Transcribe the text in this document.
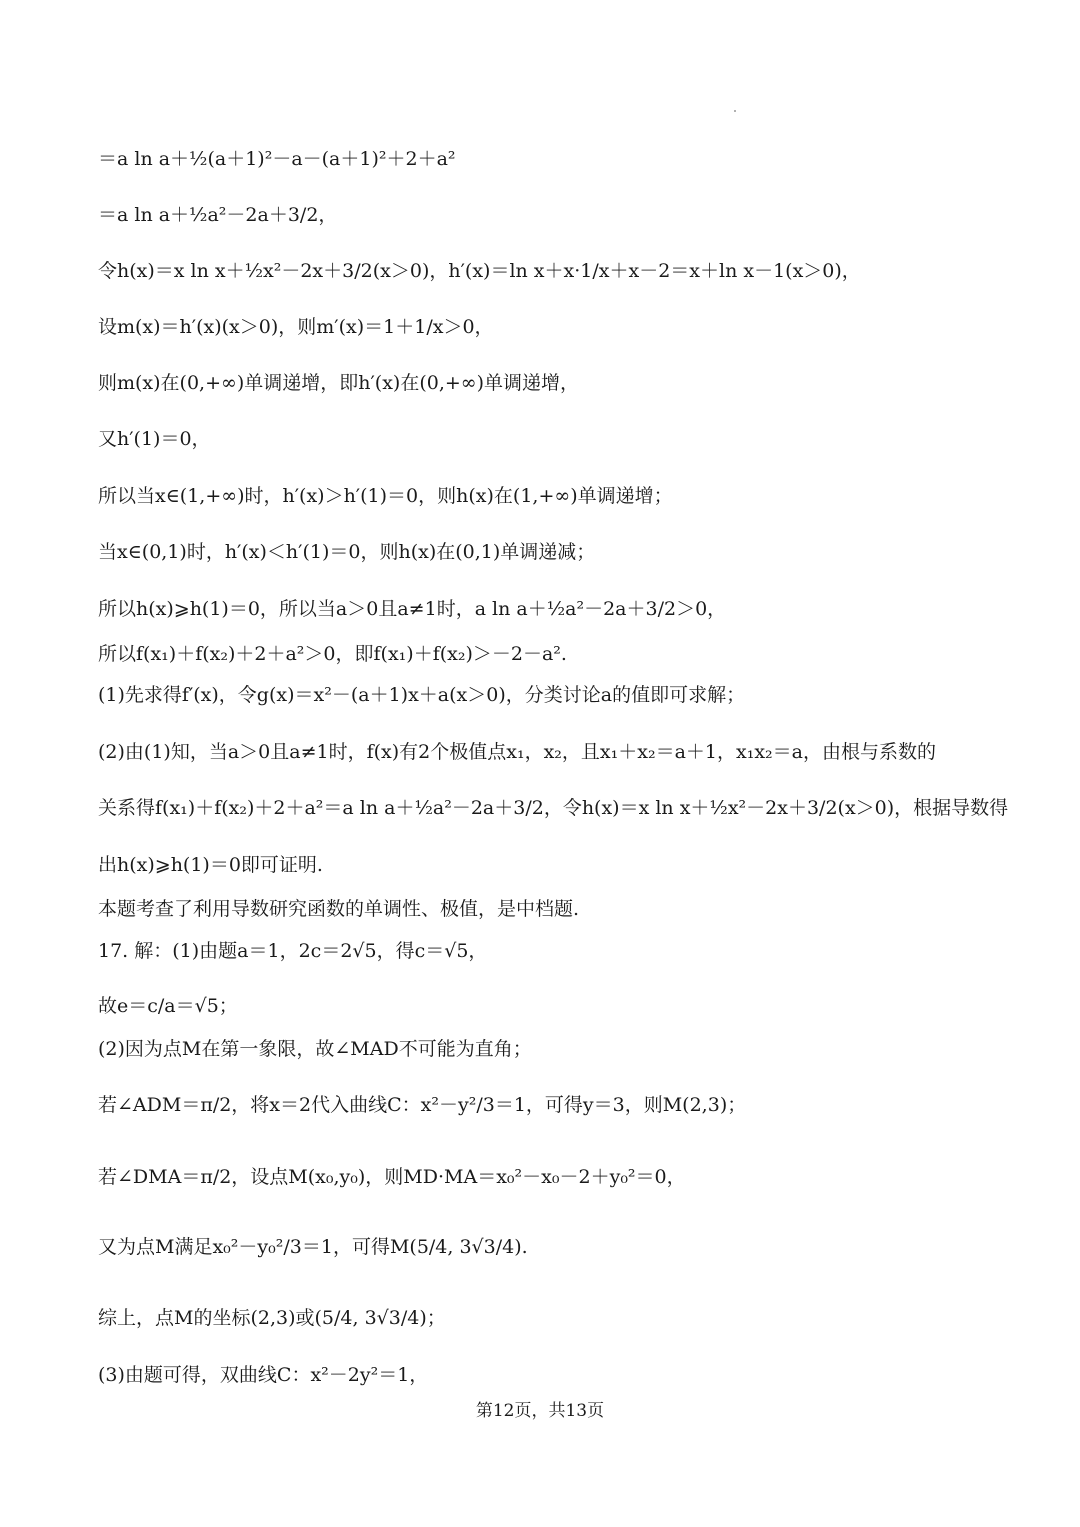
＝a ln a＋½(a＋1)²－a－(a＋1)²＋2＋a²
＝a ln a＋½a²－2a＋3/2，
令h(x)＝x ln x＋½x²－2x＋3/2(x＞0)，h′(x)＝ln x＋x·1/x＋x－2＝x＋ln x－1(x＞0)，
设m(x)＝h′(x)(x＞0)，则m′(x)＝1＋1/x＞0，
则m(x)在(0,+∞)单调递增，即h′(x)在(0,+∞)单调递增，
又h′(1)＝0，
所以当x∈(1,+∞)时，h′(x)＞h′(1)＝0，则h(x)在(1,+∞)单调递增；
当x∈(0,1)时，h′(x)＜h′(1)＝0，则h(x)在(0,1)单调递减；
所以h(x)⩾h(1)＝0，所以当a＞0且a≠1时，a ln a＋½a²－2a＋3/2＞0，
所以f(x₁)＋f(x₂)＋2＋a²＞0，即f(x₁)＋f(x₂)＞－2－a².
(1)先求得f′(x)，令g(x)＝x²－(a＋1)x＋a(x＞0)，分类讨论a的值即可求解；
(2)由(1)知，当a＞0且a≠1时，f(x)有2个极值点x₁，x₂，且x₁＋x₂＝a＋1，x₁x₂＝a，由根与系数的
关系得f(x₁)＋f(x₂)＋2＋a²＝a ln a＋½a²－2a＋3/2，令h(x)＝x ln x＋½x²－2x＋3/2(x＞0)，根据导数得
出h(x)⩾h(1)＝0即可证明.
本题考查了利用导数研究函数的单调性、极值，是中档题.
17. 解：(1)由题a＝1，2c＝2√5，得c＝√5，
故e＝c/a＝√5；
(2)因为点M在第一象限，故∠MAD不可能为直角；
若∠ADM＝π/2，将x＝2代入曲线C：x²－y²/3＝1，可得y＝3，则M(2,3)；
若∠DMA＝π/2，设点M(x₀,y₀)，则MD·MA＝x₀²－x₀－2＋y₀²＝0，
又为点M满足x₀²－y₀²/3＝1，可得M(5/4, 3√3/4).
综上，点M的坐标(2,3)或(5/4, 3√3/4)；
(3)由题可得，双曲线C：x²－2y²＝1，
第12页，共13页
